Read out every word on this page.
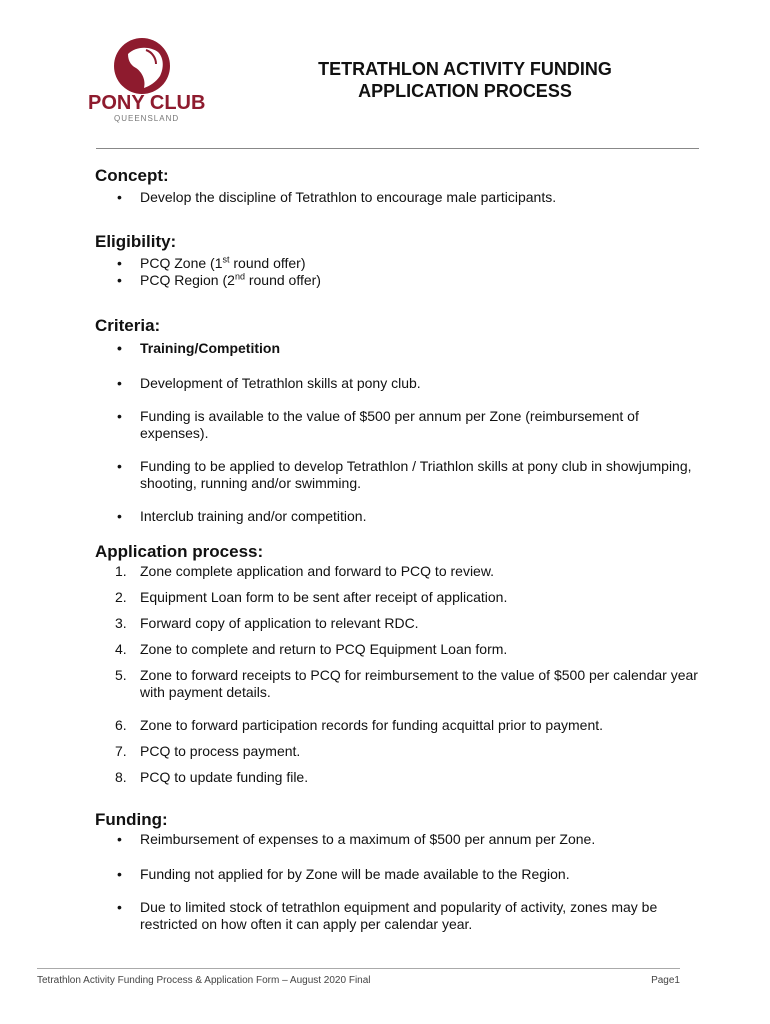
PONY CLUB
QUEENSLAND
TETRATHLON ACTIVITY FUNDING
APPLICATION PROCESS
Concept:
• Develop the discipline of Tetrathlon to encourage male participants.
Eligibility:
• PCQ Zone (1st round offer)
• PCQ Region (2nd round offer)
Criteria:
• Training/Competition
• Development of Tetrathlon skills at pony club.
• Funding is available to the value of $500 per annum per Zone (reimbursement of expenses).
• Funding to be applied to develop Tetrathlon / Triathlon skills at pony club in showjumping, shooting, running and/or swimming.
• Interclub training and/or competition.
Application process:
1. Zone complete application and forward to PCQ to review.
2. Equipment Loan form to be sent after receipt of application.
3. Forward copy of application to relevant RDC.
4. Zone to complete and return to PCQ Equipment Loan form.
5. Zone to forward receipts to PCQ for reimbursement to the value of $500 per calendar year with payment details.
6. Zone to forward participation records for funding acquittal prior to payment.
7. PCQ to process payment.
8. PCQ to update funding file.
Funding:
• Reimbursement of expenses to a maximum of $500 per annum per Zone.
• Funding not applied for by Zone will be made available to the Region.
• Due to limited stock of tetrathlon equipment and popularity of activity, zones may be restricted on how often it can apply per calendar year.
Tetrathlon Activity Funding Process & Application Form – August 2020 Final	Page1
